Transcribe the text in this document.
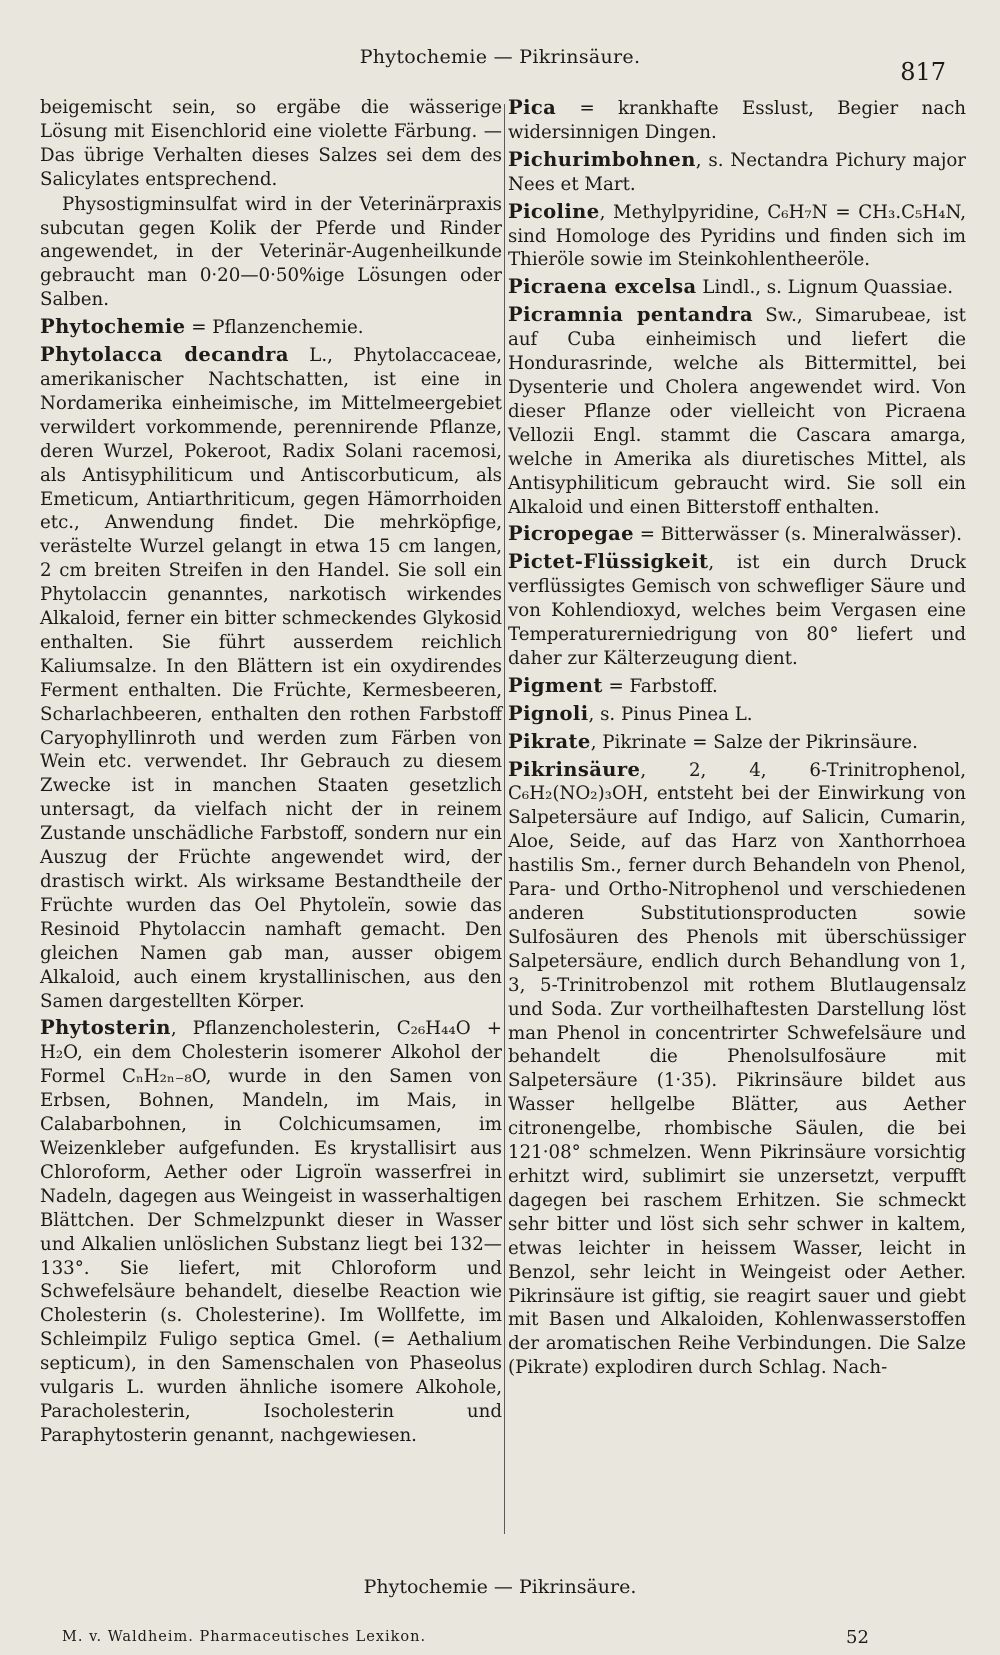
Phytochemie — Pikrinsäure.
817

beigemischt sein, so ergäbe die wässerige Lösung mit Eisenchlorid eine violette Färbung. — Das übrige Verhalten dieses Salzes sei dem des Salicylates entsprechend.

Physostigminsulfat wird in der Veterinärpraxis subcutan gegen Kolik der Pferde und Rinder angewendet, in der Veterinär-Augenheilkunde gebraucht man 0·20—0·50%ige Lösungen oder Salben.

Phytochemie = Pflanzenchemie.

Phytolacca decandra L., Phytolaccaceae, amerikanischer Nachtschatten, ist eine in Nordamerika einheimische, im Mittelmeergebiet verwildert vorkommende, perennirende Pflanze, deren Wurzel, Pokeroot, Radix Solani racemosi, als Antisyphiliticum und Antiscorbuticum, als Emeticum, Antiarthriticum, gegen Hämorrhoiden etc., Anwendung findet. Die mehrköpfige, verästelte Wurzel gelangt in etwa 15 cm langen, 2 cm breiten Streifen in den Handel. Sie soll ein Phytolaccin genanntes, narkotisch wirkendes Alkaloid, ferner ein bitter schmeckendes Glykosid enthalten. Sie führt ausserdem reichlich Kaliumsalze. In den Blättern ist ein oxydirendes Ferment enthalten. Die Früchte, Kermesbeeren, Scharlachbeeren, enthalten den rothen Farbstoff Caryophyllinroth und werden zum Färben von Wein etc. verwendet. Ihr Gebrauch zu diesem Zwecke ist in manchen Staaten gesetzlich untersagt, da vielfach nicht der in reinem Zustande unschädliche Farbstoff, sondern nur ein Auszug der Früchte angewendet wird, der drastisch wirkt. Als wirksame Bestandtheile der Früchte wurden das Oel Phytoleïn, sowie das Resinoid Phytolaccin namhaft gemacht. Den gleichen Namen gab man, ausser obigem Alkaloid, auch einem krystallinischen, aus den Samen dargestellten Körper.

Phytosterin, Pflanzencholesterin, C₂₆H₄₄O + H₂O, ein dem Cholesterin isomerer Alkohol der Formel CₙH₂ₙ₋₈O, wurde in den Samen von Erbsen, Bohnen, Mandeln, im Mais, in Calabarbohnen, in Colchicumsamen, im Weizenkleber aufgefunden. Es krystallisirt aus Chloroform, Aether oder Ligroïn wasserfrei in Nadeln, dagegen aus Weingeist in wasserhaltigen Blättchen. Der Schmelzpunkt dieser in Wasser und Alkalien unlöslichen Substanz liegt bei 132—133°. Sie liefert, mit Chloroform und Schwefelsäure behandelt, dieselbe Reaction wie Cholesterin (s. Cholesterine). Im Wollfette, im Schleimpilz Fuligo septica Gmel. (= Aethalium septicum), in den Samenschalen von Phaseolus vulgaris L. wurden ähnliche isomere Alkohole, Paracholesterin, Isocholesterin und Paraphytosterin genannt, nachgewiesen.

Pica = krankhafte Esslust, Begier nach widersinnigen Dingen.

Pichurimbohnen, s. Nectandra Pichury major Nees et Mart.

Picoline, Methylpyridine, C₆H₇N = CH₃.C₅H₄N, sind Homologe des Pyridins und finden sich im Thieröle sowie im Steinkohlentheeröle.

Picraena excelsa Lindl., s. Lignum Quassiae.

Picramnia pentandra Sw., Simarubeae, ist auf Cuba einheimisch und liefert die Hondurasrinde, welche als Bittermittel, bei Dysenterie und Cholera angewendet wird. Von dieser Pflanze oder vielleicht von Picraena Vellozii Engl. stammt die Cascara amarga, welche in Amerika als diuretisches Mittel, als Antisyphiliticum gebraucht wird. Sie soll ein Alkaloid und einen Bitterstoff enthalten.

Picropegae = Bitterwässer (s. Mineralwässer).

Pictet-Flüssigkeit, ist ein durch Druck verflüssigtes Gemisch von schwefliger Säure und von Kohlendioxyd, welches beim Vergasen eine Temperaturerniedrigung von 80° liefert und daher zur Kälterzeugung dient.

Pigment = Farbstoff.

Pignoli, s. Pinus Pinea L.

Pikrate, Pikrinate = Salze der Pikrinsäure.

Pikrinsäure, 2, 4, 6-Trinitrophenol, C₆H₂(NO₂)₃OH, entsteht bei der Einwirkung von Salpetersäure auf Indigo, auf Salicin, Cumarin, Aloe, Seide, auf das Harz von Xanthorrhoea hastilis Sm., ferner durch Behandeln von Phenol, Para- und Ortho-Nitrophenol und verschiedenen anderen Substitutionsproducten sowie Sulfosäuren des Phenols mit überschüssiger Salpetersäure, endlich durch Behandlung von 1, 3, 5-Trinitrobenzol mit rothem Blutlaugensalz und Soda. Zur vortheilhaftesten Darstellung löst man Phenol in concentrirter Schwefelsäure und behandelt die Phenolsulfosäure mit Salpetersäure (1·35). Pikrinsäure bildet aus Wasser hellgelbe Blätter, aus Aether citronengelbe, rhombische Säulen, die bei 121·08° schmelzen. Wenn Pikrinsäure vorsichtig erhitzt wird, sublimirt sie unzersetzt, verpufft dagegen bei raschem Erhitzen. Sie schmeckt sehr bitter und löst sich sehr schwer in kaltem, etwas leichter in heissem Wasser, leicht in Benzol, sehr leicht in Weingeist oder Aether. Pikrinsäure ist giftig, sie reagirt sauer und giebt mit Basen und Alkaloiden, Kohlenwasserstoffen der aromatischen Reihe Verbindungen. Die Salze (Pikrate) explodiren durch Schlag. Nach-

Phytochemie — Pikrinsäure.
M. v. Waldheim. Pharmaceutisches Lexikon.	52
